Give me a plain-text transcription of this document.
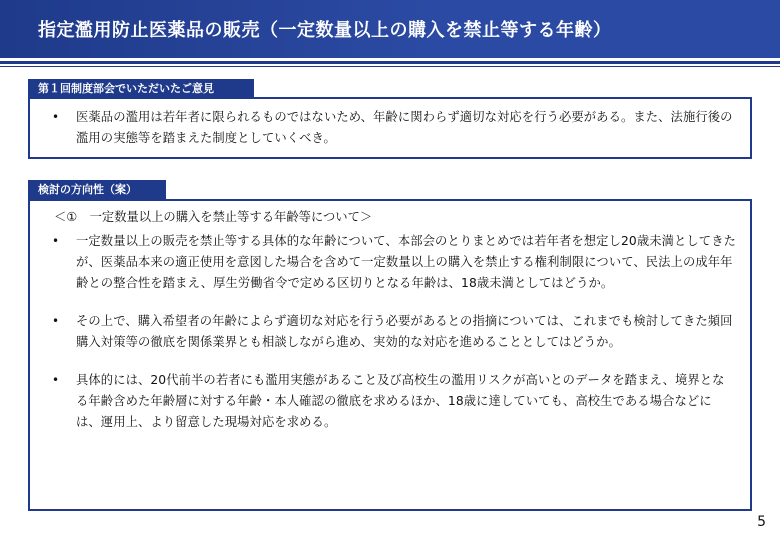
指定濫用防止医薬品の販売（一定数量以上の購入を禁止等する年齢）
第１回制度部会でいただいたご意見
• 医薬品の濫用は若年者に限られるものではないため、年齢に関わらず適切な対応を行う必要がある。また、法施行後の濫用の実態等を踏まえた制度としていくべき。
検討の方向性（案）
＜①　一定数量以上の購入を禁止等する年齢等について＞
• 一定数量以上の販売を禁止等する具体的な年齢について、本部会のとりまとめでは若年者を想定し20歳未満としてきたが、医薬品本来の適正使用を意図した場合を含めて一定数量以上の購入を禁止する権利制限について、民法上の成年年齢との整合性を踏まえ、厚生労働省令で定める区切りとなる年齢は、18歳未満としてはどうか。
• その上で、購入希望者の年齢によらず適切な対応を行う必要があるとの指摘については、これまでも検討してきた頻回購入対策等の徹底を関係業界とも相談しながら進め、実効的な対応を進めることとしてはどうか。
• 具体的には、20代前半の若者にも濫用実態があること及び高校生の濫用リスクが高いとのデータを踏まえ、境界となる年齢含めた年齢層に対する年齢・本人確認の徹底を求めるほか、18歳に達していても、高校生である場合などには、運用上、より留意した現場対応を求める。
5
